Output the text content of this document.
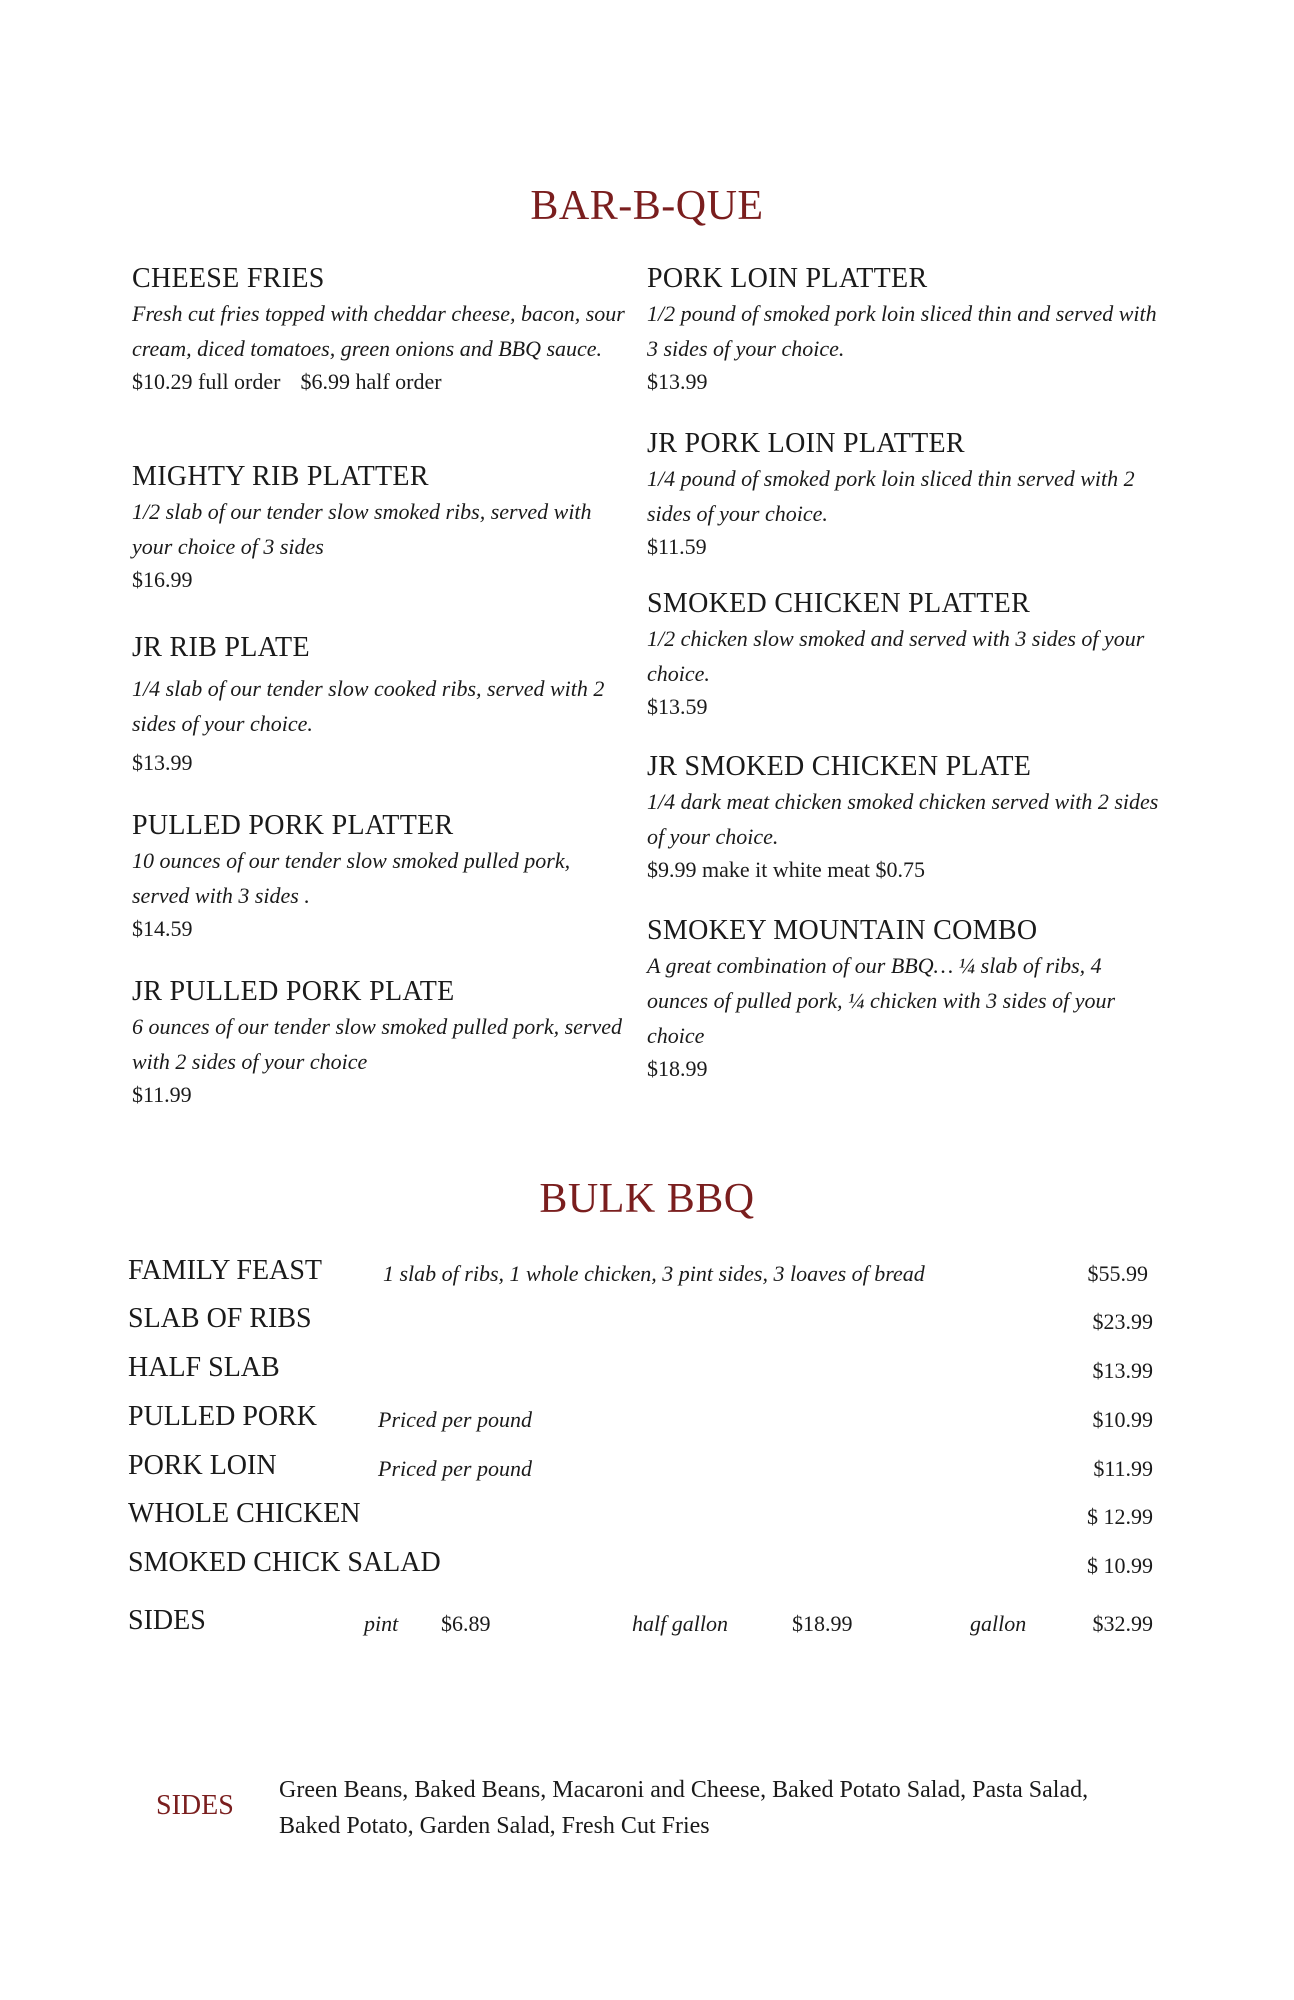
BAR-B-QUE
CHEESE FRIES
Fresh cut fries topped with cheddar cheese, bacon, sour cream, diced tomatoes, green onions and BBQ sauce.
$10.29 full order $6.99 half order
MIGHTY RIB PLATTER
1/2 slab of our tender slow smoked ribs, served with your choice of 3 sides
$16.99
JR RIB PLATE
1/4 slab of our tender slow cooked ribs, served with 2 sides of your choice.
$13.99
PULLED PORK PLATTER
10 ounces of our tender slow smoked pulled pork, served with 3 sides .
$14.59
JR PULLED PORK PLATE
6 ounces of our tender slow smoked pulled pork, served with 2 sides of your choice
$11.99
PORK LOIN PLATTER
1/2 pound of smoked pork loin sliced thin and served with 3 sides of your choice.
$13.99
JR PORK LOIN PLATTER
1/4 pound of smoked pork loin sliced thin served with 2 sides of your choice.
$11.59
SMOKED CHICKEN PLATTER
1/2 chicken slow smoked and served with 3 sides of your choice.
$13.59
JR SMOKED CHICKEN PLATE
1/4 dark meat chicken smoked chicken served with 2 sides of your choice.
$9.99 make it white meat $0.75
SMOKEY MOUNTAIN COMBO
A great combination of our BBQ… ¼ slab of ribs, 4 ounces of pulled pork, ¼ chicken with 3 sides of your choice
$18.99
BULK BBQ
FAMILY FEAST	1 slab of ribs, 1 whole chicken, 3 pint sides, 3 loaves of bread	$55.99
SLAB OF RIBS	$23.99
HALF SLAB	$13.99
PULLED PORK	Priced per pound	$10.99
PORK LOIN	Priced per pound	$11.99
WHOLE CHICKEN	$ 12.99
SMOKED CHICK SALAD	$ 10.99
SIDES	pint $6.89	half gallon	$18.99	gallon	$32.99
SIDES Green Beans, Baked Beans, Macaroni and Cheese, Baked Potato Salad, Pasta Salad, Baked Potato, Garden Salad, Fresh Cut Fries
